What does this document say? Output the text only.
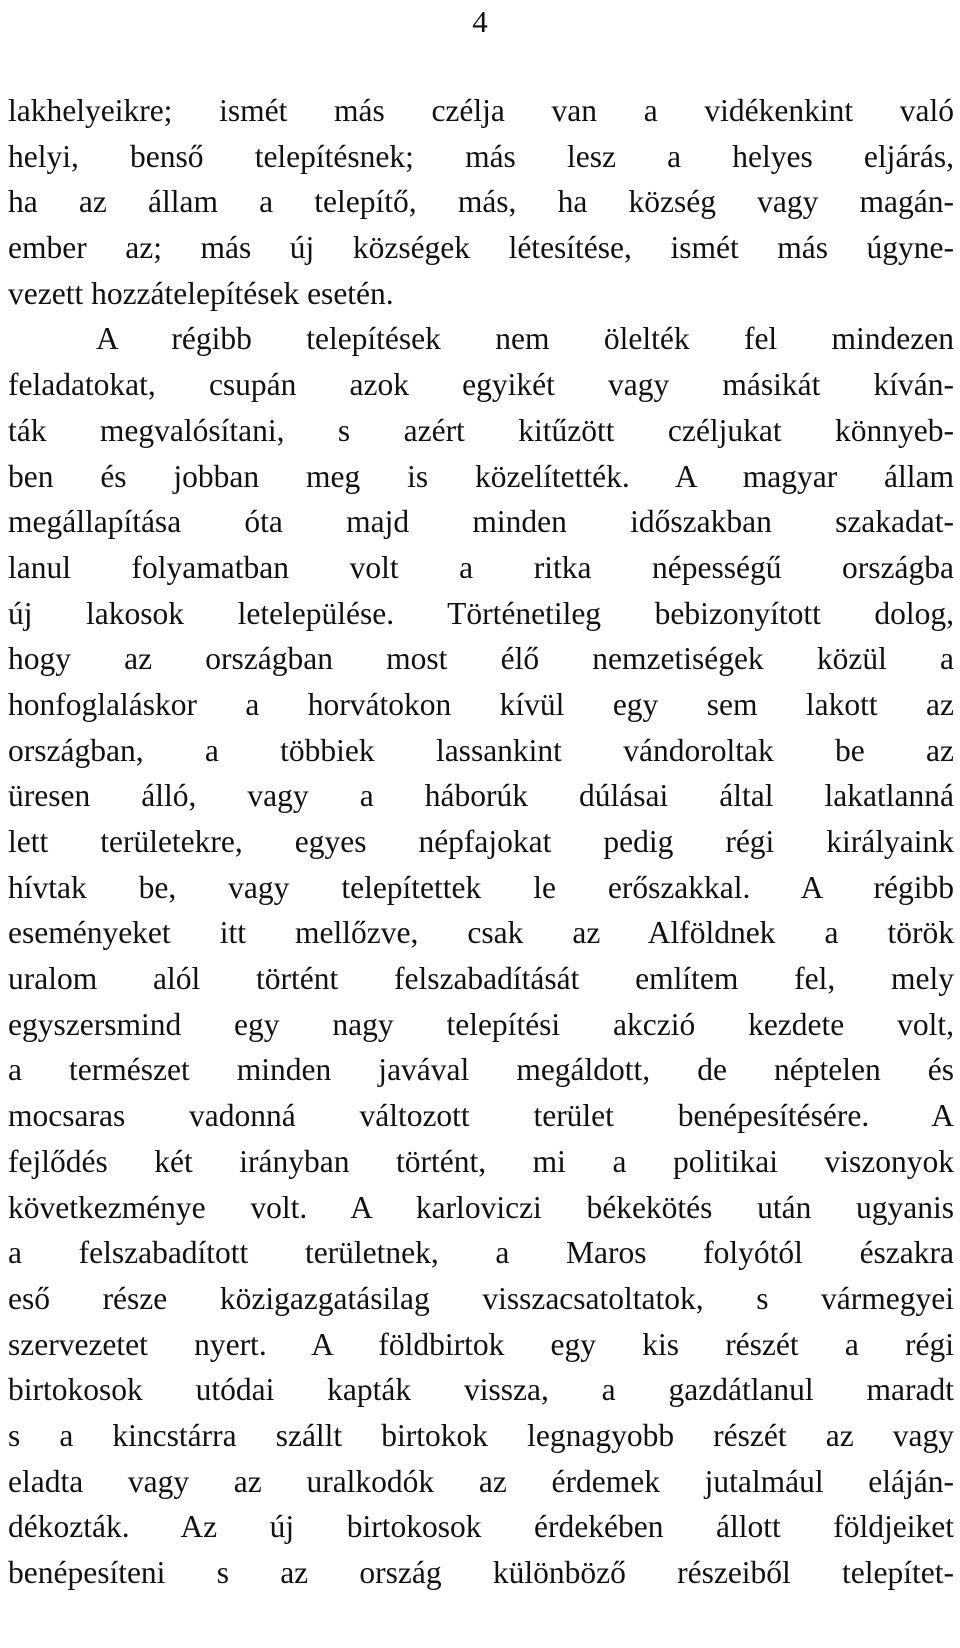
4
lakhelyeikre; ismét más czélja van a vidékenkint való
helyi, benső telepítésnek; más lesz a helyes eljárás,
ha az állam a telepítő, más, ha község vagy magán-
ember az; más új községek létesítése, ismét más úgyne-
vezett hozzátelepítések esetén.
A régibb telepítések nem ölelték fel mindezen
feladatokat, csupán azok egyikét vagy másikát kíván-
ták megvalósítani, s azért kitűzött czéljukat könnyeb-
ben és jobban meg is közelítették. A magyar állam
megállapítása óta majd minden időszakban szakadat-
lanul folyamatban volt a ritka népességű országba
új lakosok letelepülése. Történetileg bebizonyított dolog,
hogy az országban most élő nemzetiségek közül a
honfoglaláskor a horvátokon kívül egy sem lakott az
országban, a többiek lassankint vándoroltak be az
üresen álló, vagy a háborúk dúlásai által lakatlanná
lett területekre, egyes népfajokat pedig régi királyaink
hívtak be, vagy telepítettek le erőszakkal. A régibb
eseményeket itt mellőzve, csak az Alföldnek a török
uralom alól történt felszabadítását említem fel, mely
egyszersmind egy nagy telepítési akczió kezdete volt,
a természet minden javával megáldott, de néptelen és
mocsaras vadonná változott terület benépesítésére. A
fejlődés két irányban történt, mi a politikai viszonyok
következménye volt. A karloviczi békekötés után ugyanis
a felszabadított területnek, a Maros folyótól északra
eső része közigazgatásilag visszacsatoltatok, s vármegyei
szervezetet nyert. A földbirtok egy kis részét a régi
birtokosok utódai kapták vissza, a gazdátlanul maradt
s a kincstárra szállt birtokok legnagyobb részét az vagy
eladta vagy az uralkodók az érdemek jutalmául eláján-
dékozták. Az új birtokosok érdekében állott földjeiket
benépesíteni s az ország különböző részeiből telepítet-
